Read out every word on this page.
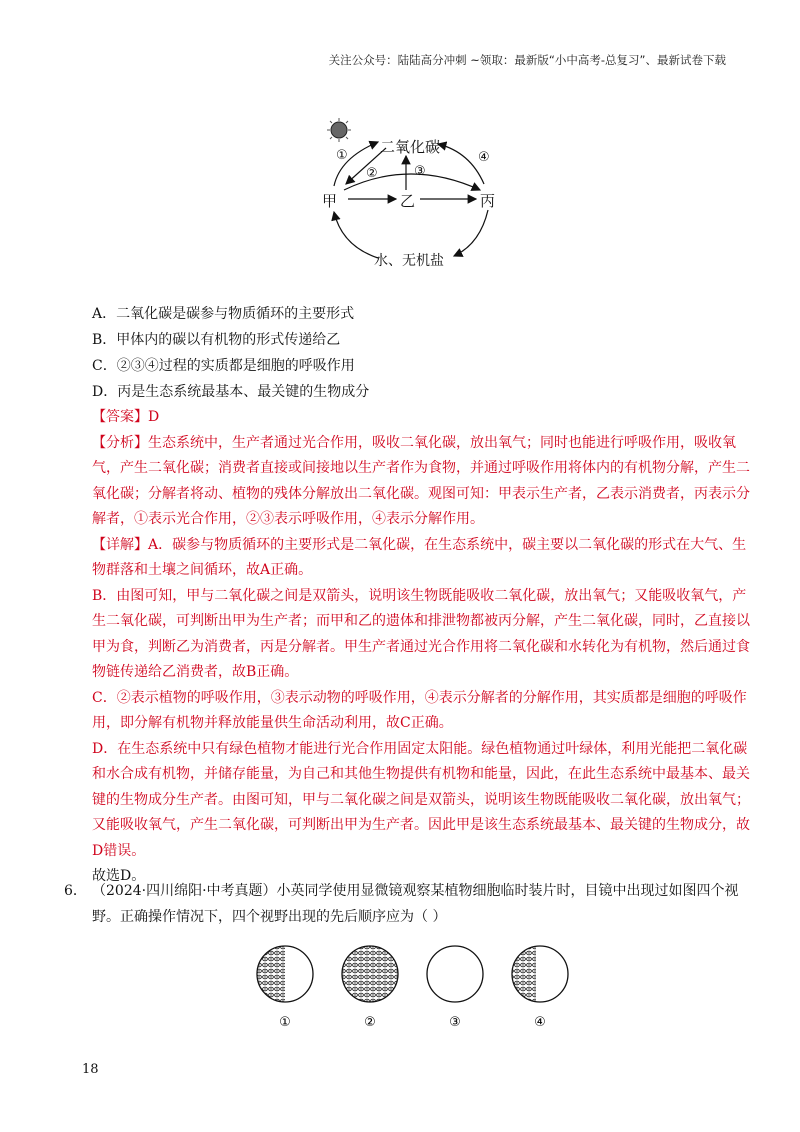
关注公众号：陆陆高分冲刺 ~领取：最新版“小中高考-总复习”、最新试卷下载
二氧化碳
甲	乙	丙
水、无机盐
①
②	③
④
A．二氧化碳是碳参与物质循环的主要形式
B．甲体内的碳以有机物的形式传递给乙
C．②③④过程的实质都是细胞的呼吸作用
D．丙是生态系统最基本、最关键的生物成分

【答案】D

【分析】生态系统中，生产者通过光合作用，吸收二氧化碳，放出氧气；同时也能进行呼吸作用，吸收氧气，产生二氧化碳；消费者直接或间接地以生产者作为食物，并通过呼吸作用将体内的有机物分解，产生二氧化碳；分解者将动、植物的残体分解放出二氧化碳。观图可知：甲表示生产者，乙表示消费者，丙表示分解者，①表示光合作用，②③表示呼吸作用，④表示分解作用。

【详解】A．碳参与物质循环的主要形式是二氧化碳，在生态系统中，碳主要以二氧化碳的形式在大气、生物群落和土壤之间循环，故A正确。

B．由图可知，甲与二氧化碳之间是双箭头，说明该生物既能吸收二氧化碳，放出氧气；又能吸收氧气，产生二氧化碳，可判断出甲为生产者；而甲和乙的遗体和排泄物都被丙分解，产生二氧化碳，同时，乙直接以甲为食，判断乙为消费者，丙是分解者。甲生产者通过光合作用将二氧化碳和水转化为有机物，然后通过食物链传递给乙消费者，故B正确。

C．②表示植物的呼吸作用，③表示动物的呼吸作用，④表示分解者的分解作用，其实质都是细胞的呼吸作用，即分解有机物并释放能量供生命活动利用，故C正确。

D．在生态系统中只有绿色植物才能进行光合作用固定太阳能。绿色植物通过叶绿体，利用光能把二氧化碳和水合成有机物，并储存能量，为自己和其他生物提供有机物和能量，因此，在此生态系统中最基本、最关键的生物成分生产者。由图可知，甲与二氧化碳之间是双箭头，说明该生物既能吸收二氧化碳，放出氧气；又能吸收氧气，产生二氧化碳，可判断出甲为生产者。因此甲是该生态系统最基本、最关键的生物成分，故D错误。

故选D。

6． （2024·四川绵阳·中考真题）小英同学使用显微镜观察某植物细胞临时装片时，目镜中出现过如图四个视野。正确操作情况下，四个视野出现的先后顺序应为（ ）
①	②	③	④
18
